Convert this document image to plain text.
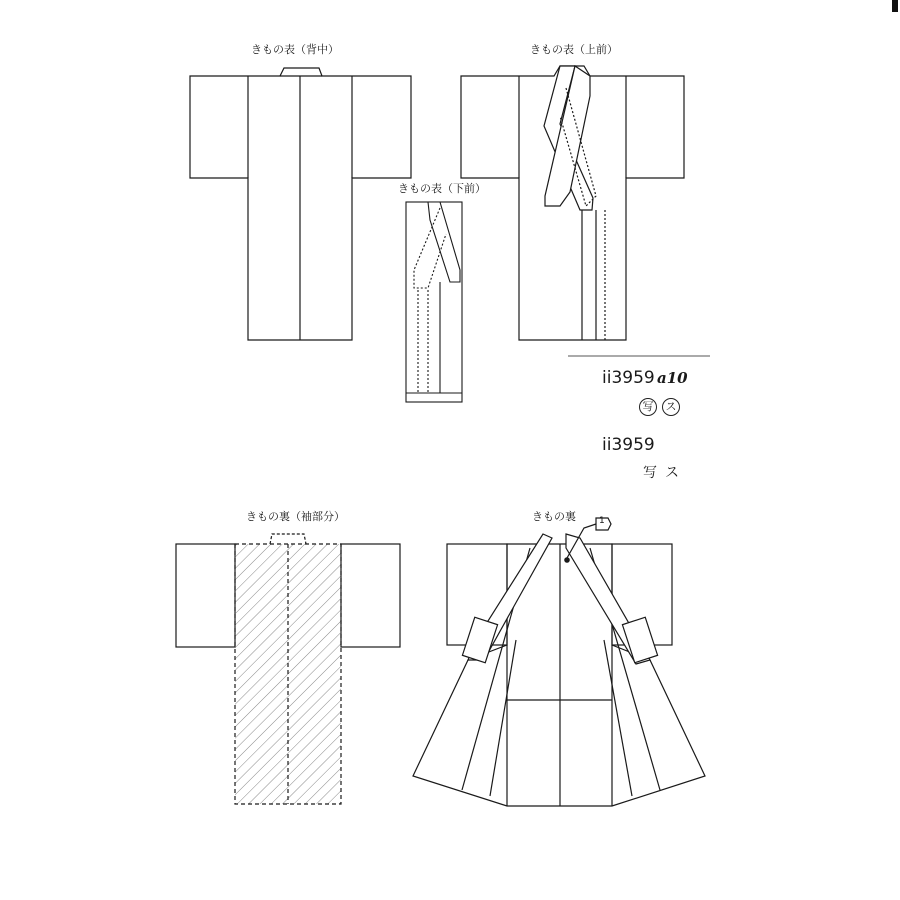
きもの表（背中）	きもの表（上前）
きもの表（下前）
きもの裏（袖部分）	きもの裏	1
ii3959 a10
写	ス
ii3959
写ス
